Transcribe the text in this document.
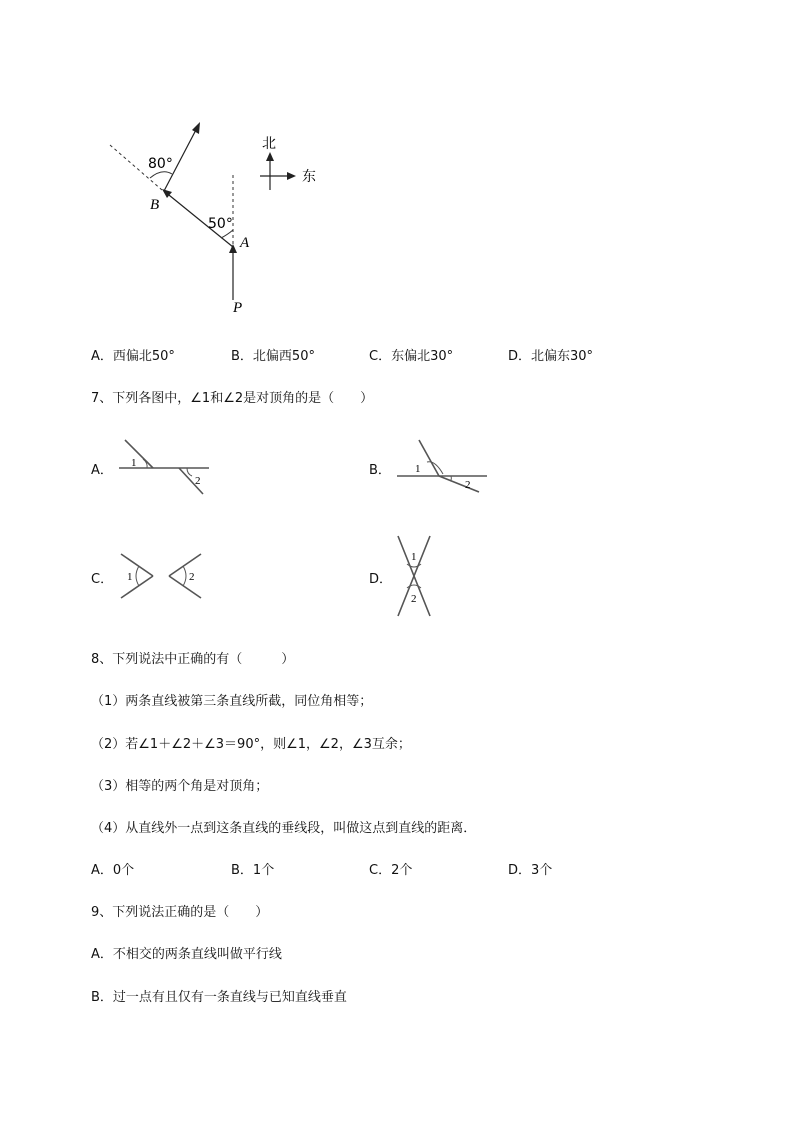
80°
50°
B
A
P
北
东
A．西偏北50°	B．北偏西50°	C．东偏北30°	D．北偏东30°
7、下列各图中，∠1和∠2是对顶角的是（　　）
A． 1
2
B． 1
2
C． 1	2	D．
1
2
8、下列说法中正确的有（　　　）
（1）两条直线被第三条直线所截，同位角相等；
（2）若∠1＋∠2＋∠3＝90°，则∠1，∠2，∠3互余；
（3）相等的两个角是对顶角；
（4）从直线外一点到这条直线的垂线段，叫做这点到直线的距离．
A．0个	B．1个	C．2个	D．3个
9、下列说法正确的是（　　）
A．不相交的两条直线叫做平行线
B．过一点有且仅有一条直线与已知直线垂直
